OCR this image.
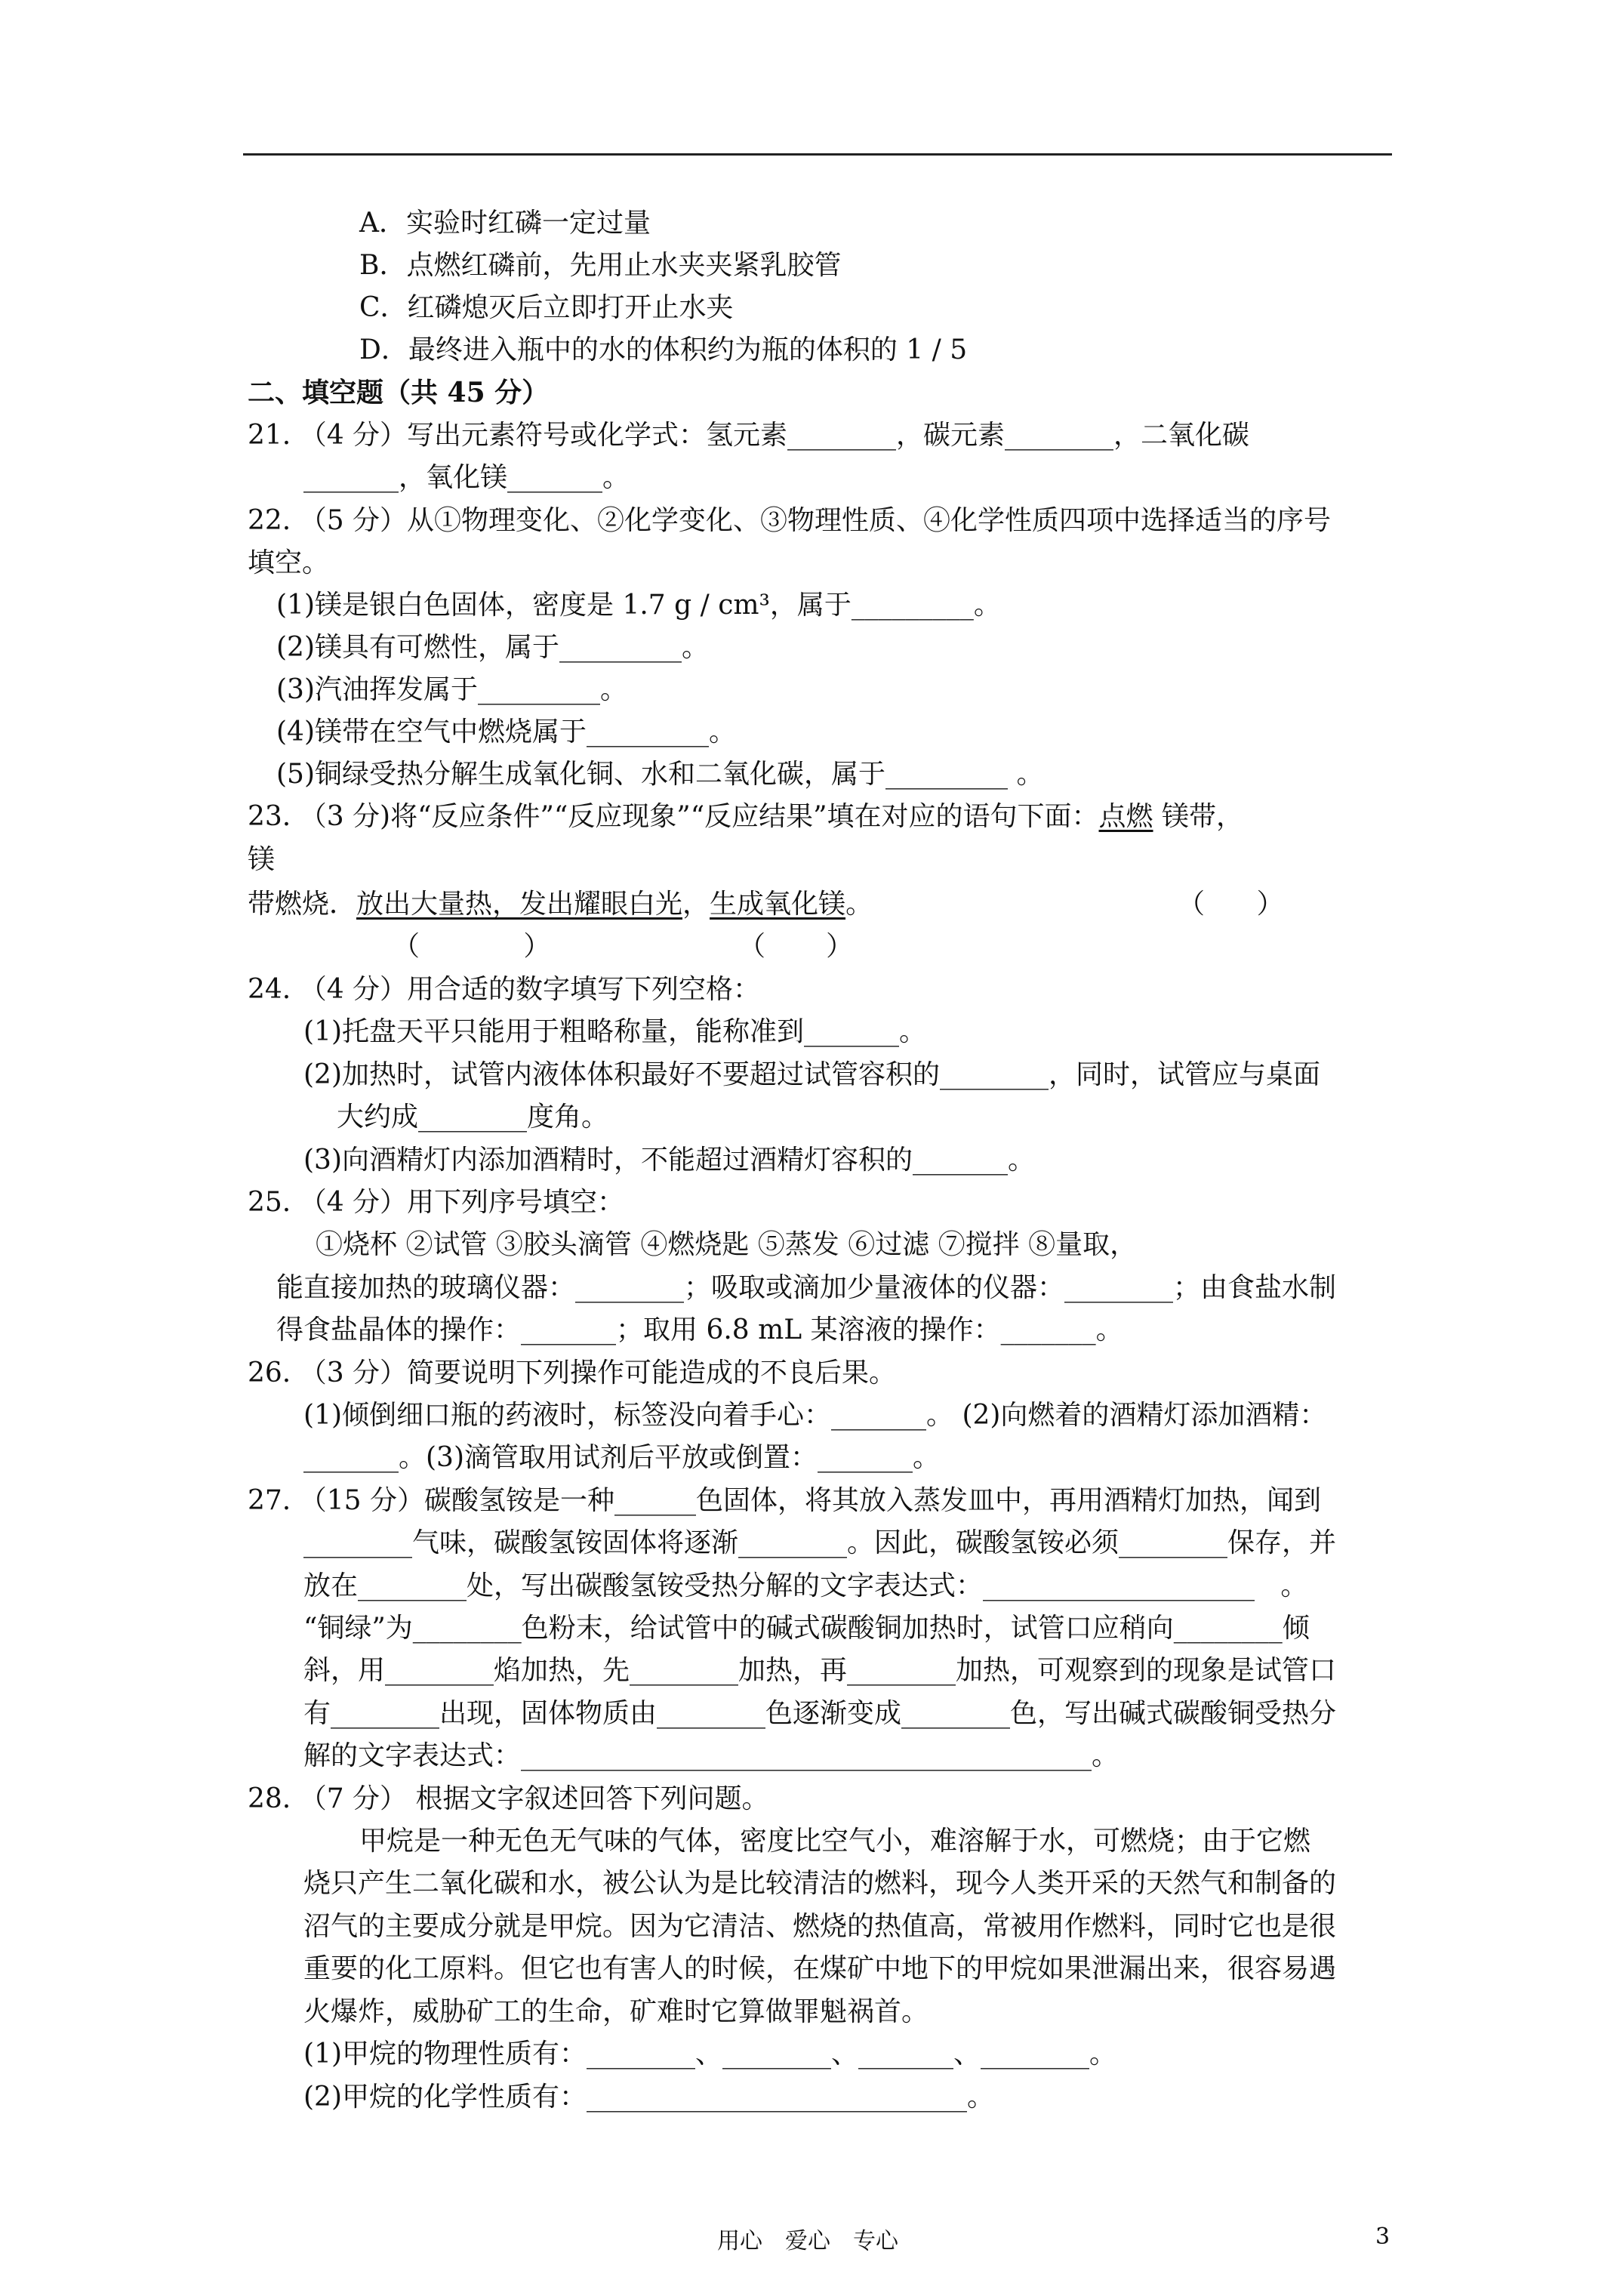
A．实验时红磷一定过量
B．点燃红磷前，先用止水夹夹紧乳胶管
C．红磷熄灭后立即打开止水夹
D．最终进入瓶中的水的体积约为瓶的体积的 1 / 5
二、填空题（共 45 分）
21. （4 分）写出元素符号或化学式：氢元素________，碳元素________，二氧化碳
_______，氧化镁_______。
22. （5 分）从①物理变化、②化学变化、③物理性质、④化学性质四项中选择适当的序号
填空。
(1)镁是银白色固体，密度是 1.7 g / cm³，属于_________。
(2)镁具有可燃性，属于_________。
(3)汽油挥发属于_________。
(4)镁带在空气中燃烧属于_________。
(5)铜绿受热分解生成氧化铜、水和二氧化碳，属于_________ 。
23. （3 分)将“反应条件”“反应现象”“反应结果”填在对应的语句下面：点燃 镁带，
镁
带燃烧．放出大量热，发出耀眼白光，生成氧化镁。	（      ）
（            ）	（       ）
24. （4 分）用合适的数字填写下列空格：
(1)托盘天平只能用于粗略称量，能称准到_______。
(2)加热时，试管内液体体积最好不要超过试管容积的________，同时，试管应与桌面
大约成________度角。
(3)向酒精灯内添加酒精时，不能超过酒精灯容积的_______。
25. （4 分）用下列序号填空：
①烧杯 ②试管 ③胶头滴管 ④燃烧匙 ⑤蒸发 ⑥过滤 ⑦搅拌 ⑧量取，
能直接加热的玻璃仪器：________；吸取或滴加少量液体的仪器：________；由食盐水制
得食盐晶体的操作：_______；取用 6.8 mL 某溶液的操作：_______。
26. （3 分）简要说明下列操作可能造成的不良后果。
(1)倾倒细口瓶的药液时，标签没向着手心：_______。 (2)向燃着的酒精灯添加酒精：
_______。(3)滴管取用试剂后平放或倒置：_______。
27. （15 分）碳酸氢铵是一种______色固体，将其放入蒸发皿中，再用酒精灯加热，闻到
________气味，碳酸氢铵固体将逐渐________。因此，碳酸氢铵必须________保存，并
放在________处，写出碳酸氢铵受热分解的文字表达式：____________________   。
“铜绿”为________色粉末，给试管中的碱式碳酸铜加热时，试管口应稍向________倾
斜，用________焰加热，先________加热，再________加热，可观察到的现象是试管口
有________出现，固体物质由________色逐渐变成________色，写出碱式碳酸铜受热分
解的文字表达式：__________________________________________。
28. （7 分） 根据文字叙述回答下列问题。
甲烷是一种无色无气味的气体，密度比空气小，难溶解于水，可燃烧；由于它燃
烧只产生二氧化碳和水，被公认为是比较清洁的燃料，现今人类开采的天然气和制备的
沼气的主要成分就是甲烷。因为它清洁、燃烧的热值高，常被用作燃料，同时它也是很
重要的化工原料。但它也有害人的时候，在煤矿中地下的甲烷如果泄漏出来，很容易遇
火爆炸，威胁矿工的生命，矿难时它算做罪魁祸首。
(1)甲烷的物理性质有：________、________、_______、________。
(2)甲烷的化学性质有：____________________________。
用心　爱心　专心	3
